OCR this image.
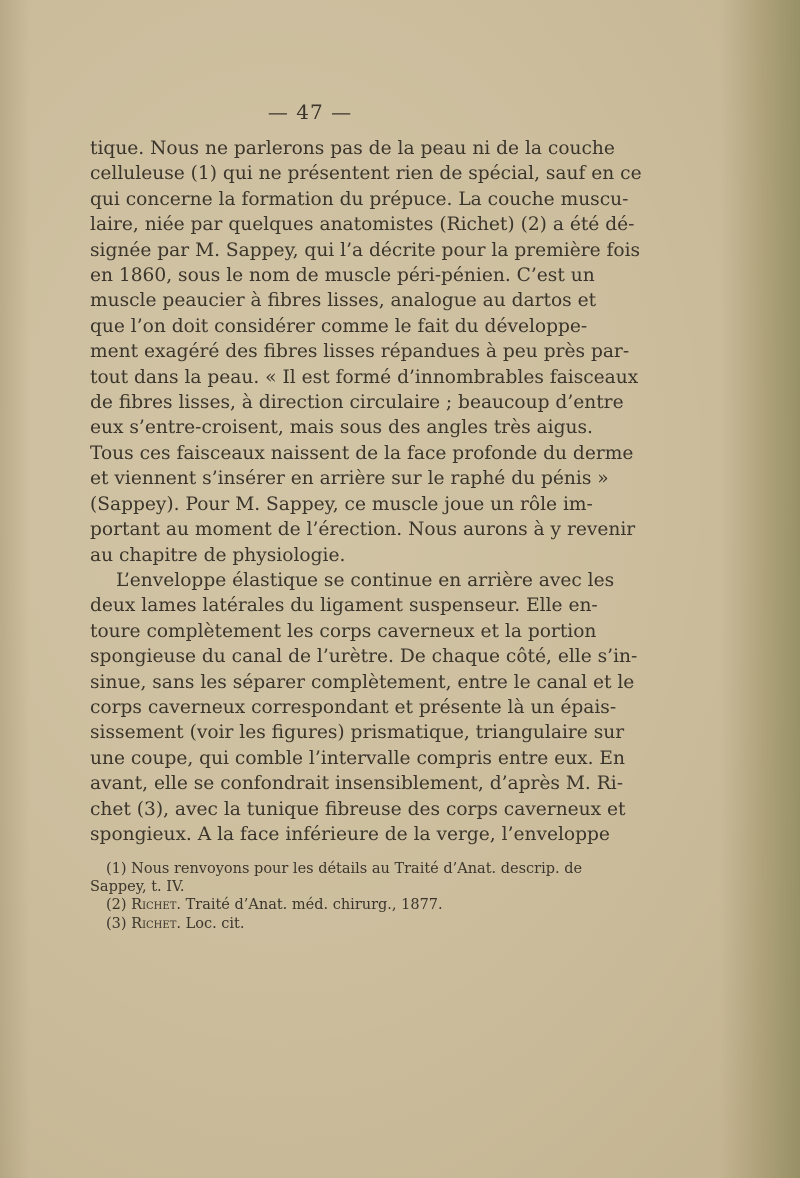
— 47 —
tique. Nous ne parlerons pas de la peau ni de la couche
celluleuse (1) qui ne présentent rien de spécial, sauf en ce
qui concerne la formation du prépuce. La couche muscu-
laire, niée par quelques anatomistes (Richet) (2) a été dé-
signée par M. Sappey, qui l’a décrite pour la première fois
en 1860, sous le nom de muscle péri-pénien. C’est un
muscle peaucier à fibres lisses, analogue au dartos et
que l’on doit considérer comme le fait du développe-
ment exagéré des fibres lisses répandues à peu près par-
tout dans la peau. « Il est formé d’innombrables faisceaux
de fibres lisses, à direction circulaire ; beaucoup d’entre
eux s’entre-croisent, mais sous des angles très aigus.
Tous ces faisceaux naissent de la face profonde du derme
et viennent s’insérer en arrière sur le raphé du pénis »
(Sappey). Pour M. Sappey, ce muscle joue un rôle im-
portant au moment de l’érection. Nous aurons à y revenir
au chapitre de physiologie.
L’enveloppe élastique se continue en arrière avec les
deux lames latérales du ligament suspenseur. Elle en-
toure complètement les corps caverneux et la portion
spongieuse du canal de l’urètre. De chaque côté, elle s’in-
sinue, sans les séparer complètement, entre le canal et le
corps caverneux correspondant et présente là un épais-
sissement (voir les figures) prismatique, triangulaire sur
une coupe, qui comble l’intervalle compris entre eux. En
avant, elle se confondrait insensiblement, d’après M. Ri-
chet (3), avec la tunique fibreuse des corps caverneux et
spongieux. A la face inférieure de la verge, l’enveloppe
(1) Nous renvoyons pour les détails au Traité d’Anat. descrip. de
Sappey, t. IV.
(2) Richet. Traité d’Anat. méd. chirurg., 1877.
(3) Richet. Loc. cit.
